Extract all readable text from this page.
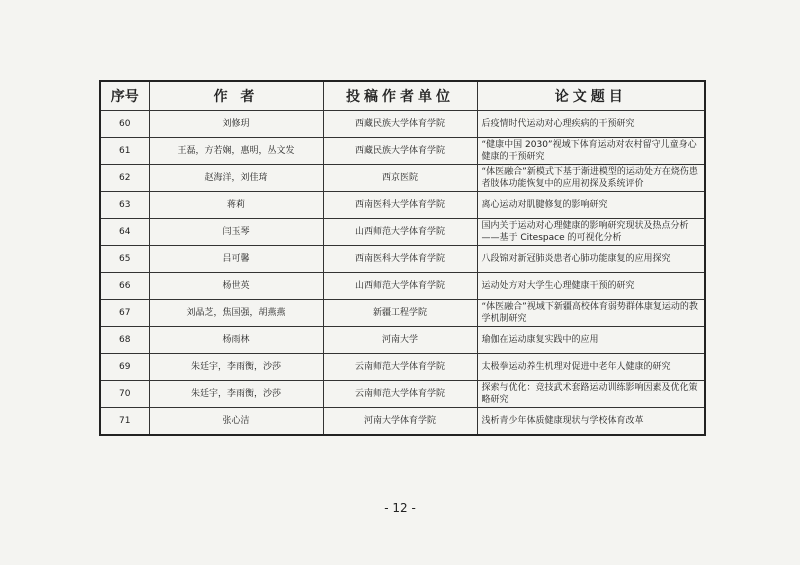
序号	作 者	投稿作者单位	论文题目
60	刘修玥	西藏民族大学体育学院	后疫情时代运动对心理疾病的干预研究
61	王磊，方若娴，惠明，丛文发	西藏民族大学体育学院	“健康中国 2030”视域下体育运动对农村留守儿童身心健康的干预研究
62	赵海洋，刘佳琦	西京医院	“体医融合”新模式下基于渐进模型的运动处方在烧伤患者肢体功能恢复中的应用初探及系统评价
63	蒋莉	西南医科大学体育学院	离心运动对肌腱修复的影响研究
64	闫玉琴	山西师范大学体育学院	国内关于运动对心理健康的影响研究现状及热点分析——基于 Citespace 的可视化分析
65	吕可馨	西南医科大学体育学院	八段锦对新冠肺炎患者心肺功能康复的应用探究
66	杨世英	山西师范大学体育学院	运动处方对大学生心理健康干预的研究
67	刘晶芝，焦国强，胡燕燕	新疆工程学院	“体医融合”视域下新疆高校体育弱势群体康复运动的教学机制研究
68	杨雨林	河南大学	瑜伽在运动康复实践中的应用
69	朱廷宇，李雨衡，沙莎	云南师范大学体育学院	太极拳运动养生机理对促进中老年人健康的研究
70	朱廷宇，李雨衡，沙莎	云南师范大学体育学院	探索与优化：竞技武术套路运动训练影响因素及优化策略研究
71	张心洁	河南大学体育学院	浅析青少年体质健康现状与学校体育改革
- 12 -
